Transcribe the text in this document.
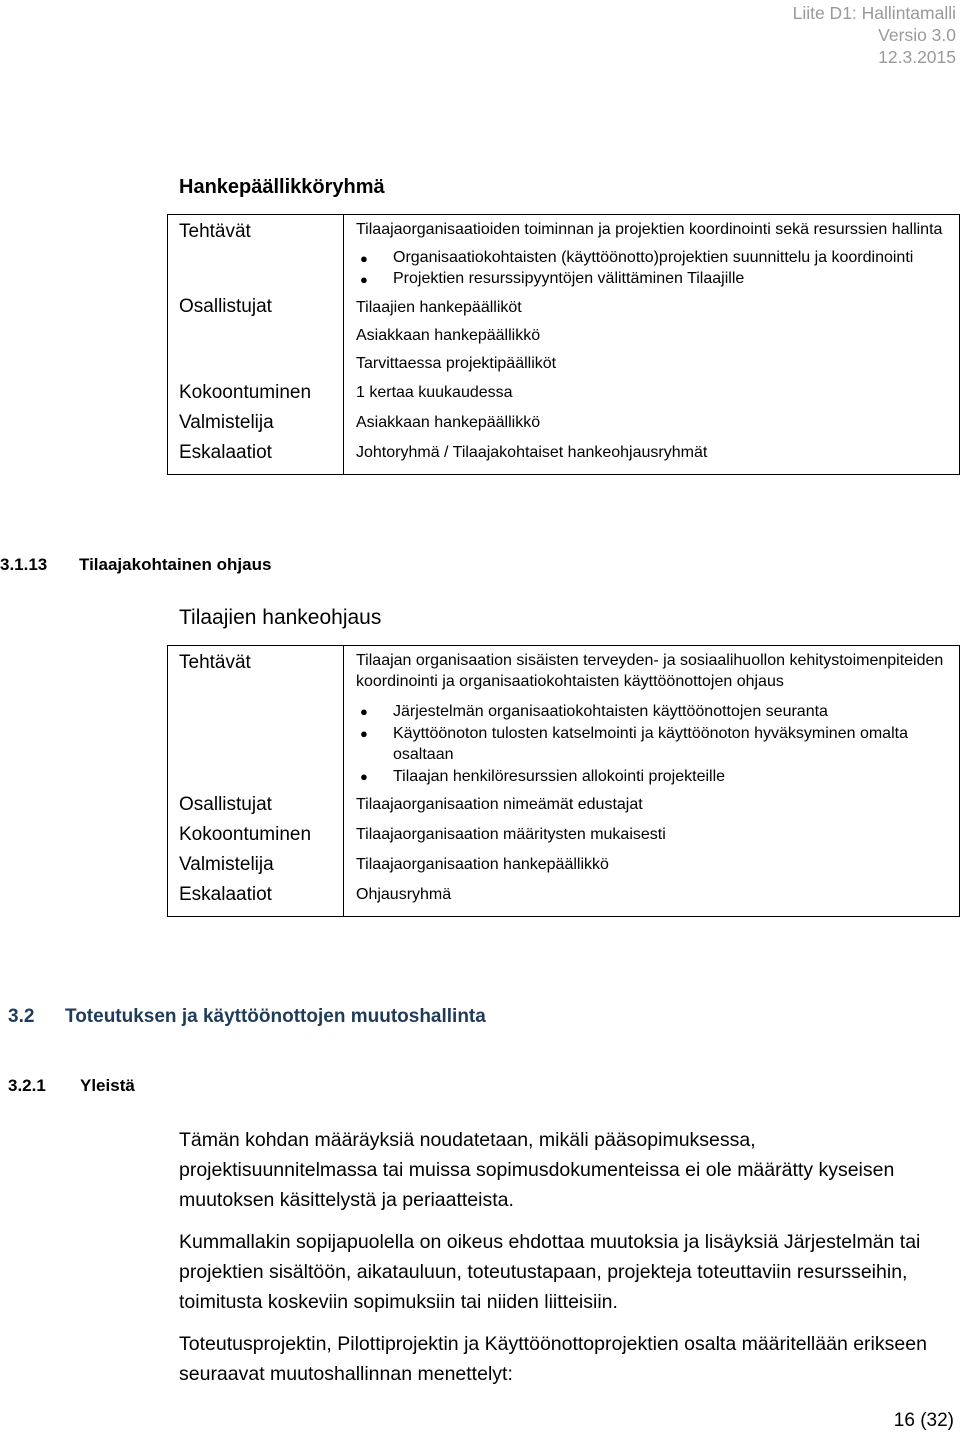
Liite D1: Hallintamalli
Versio 3.0
12.3.2015
Hankepäällikköryhmä
Tehtävät	Tilaajaorganisaatioiden toiminnan ja projektien koordinointi sekä resurssien hallinta
● Organisaatiokohtaisten (käyttöönotto)projektien suunnittelu ja koordinointi
● Projektien resurssipyyntöjen välittäminen Tilaajille
Osallistujat	Tilaajien hankepäälliköt
Asiakkaan hankepäällikkö
Tarvittaessa projektipäälliköt
Kokoontuminen	1 kertaa kuukaudessa
Valmistelija	Asiakkaan hankepäällikkö
Eskalaatiot	Johtoryhmä / Tilaajakohtaiset hankeohjausryhmät
3.1.13 Tilaajakohtainen ohjaus
Tilaajien hankeohjaus
Tehtävät	Tilaajan organisaation sisäisten terveyden- ja sosiaalihuollon kehitystoimenpiteiden koordinointi ja organisaatiokohtaisten käyttöönottojen ohjaus
● Järjestelmän organisaatiokohtaisten käyttöönottojen seuranta
● Käyttöönoton tulosten katselmointi ja käyttöönoton hyväksyminen omalta osaltaan
● Tilaajan henkilöresurssien allokointi projekteille
Osallistujat	Tilaajaorganisaation nimeämät edustajat
Kokoontuminen	Tilaajaorganisaation määritysten mukaisesti
Valmistelija	Tilaajaorganisaation hankepäällikkö
Eskalaatiot	Ohjausryhmä
3.2 Toteutuksen ja käyttöönottojen muutoshallinta
3.2.1 Yleistä

Tämän kohdan määräyksiä noudatetaan, mikäli pääsopimuksessa, projektisuunnitelmassa tai muissa sopimusdokumenteissa ei ole määrätty kyseisen muutoksen käsittelystä ja periaatteista.

Kummallakin sopijapuolella on oikeus ehdottaa muutoksia ja lisäyksiä Järjestelmän tai projektien sisältöön, aikatauluun, toteutustapaan, projekteja toteuttaviin resursseihin, toimitusta koskeviin sopimuksiin tai niiden liitteisiin.

Toteutusprojektin, Pilottiprojektin ja Käyttöönottoprojektien osalta määritellään erikseen seuraavat muutoshallinnan menettelyt:

16 (32)
